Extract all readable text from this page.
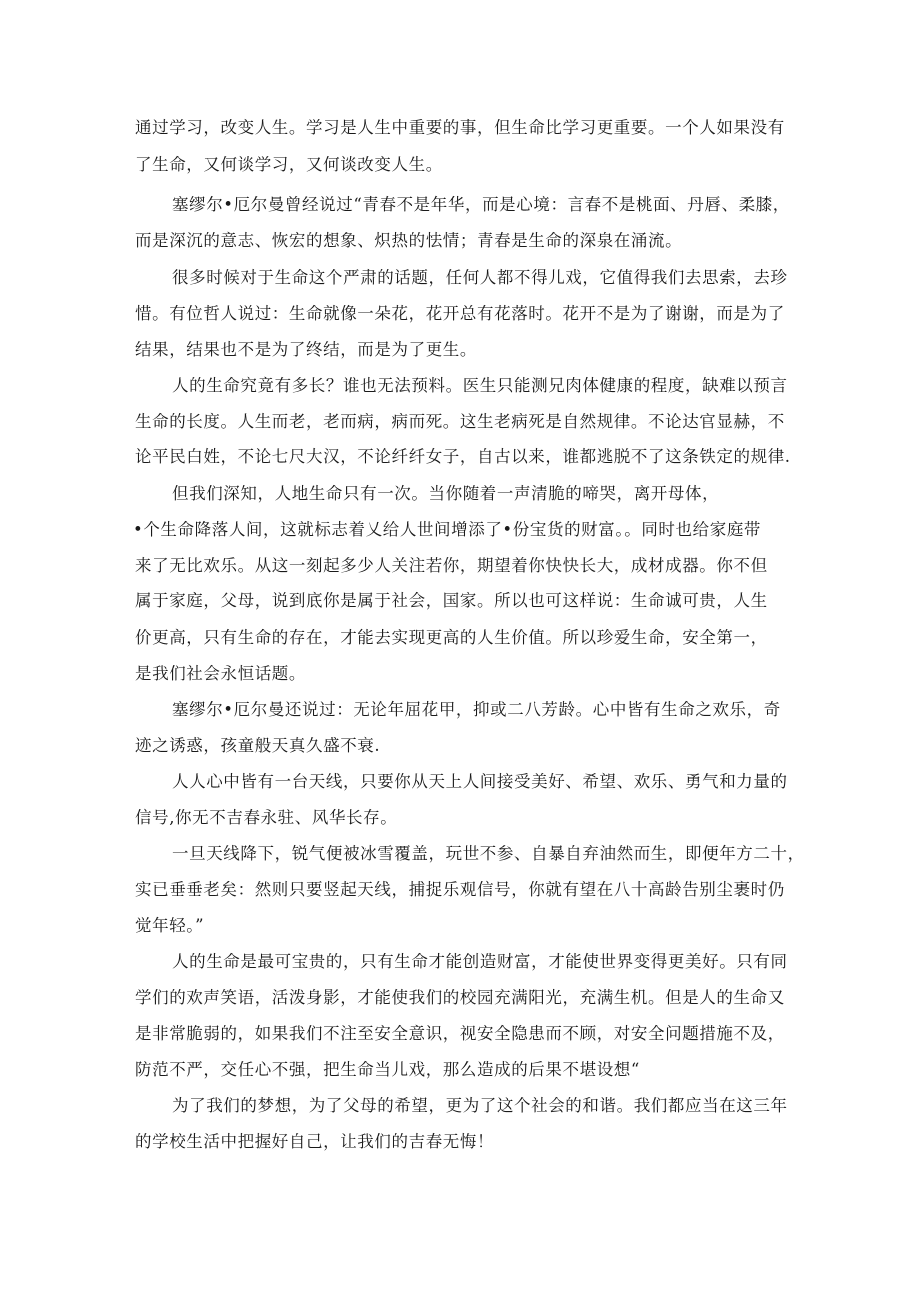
通过学习，改变人生。学习是人生中重要的事，但生命比学习更重要。一个人如果没有
了生命，又何谈学习，又何谈改变人生。
塞缪尔•厄尔曼曾经说过“青春不是年华，而是心境：言春不是桃面、丹唇、柔膝，
而是深沉的意志、恢宏的想象、炽热的怯情；青春是生命的深泉在涌流。
很多时候对于生命这个严肃的话题，任何人都不得儿戏，它值得我们去思索，去珍
惜。有位哲人说过：生命就像一朵花，花开总有花落时。花开不是为了谢谢，而是为了
结果，结果也不是为了终结，而是为了更生。
人的生命究竟有多长？谁也无法预料。医生只能测兄肉体健康的程度，缺难以预言
生命的长度。人生而老，老而病，病而死。这生老病死是自然规律。不论达官显赫，不
论平民白姓，不论七尺大汉，不论纤纤女子，自古以来，谁都逃脱不了这条铁定的规律.
但我们深知，人地生命只有一次。当你随着一声清脆的啼哭，离开母体，
•个生命降落人间，这就标志着乂给人世间增添了•份宝货的财富。。同时也给家庭带
来了无比欢乐。从这一刻起多少人关注若你，期望着你快快长大，成材成器。你不但
属于家庭，父母，说到底你是属于社会，国家。所以也可这样说：生命诚可贵，人生
价更高，只有生命的存在，才能去实现更高的人生价值。所以珍爱生命，安全第一，
是我们社会永恒话题。
塞缪尔•厄尔曼还说过：无论年屈花甲，抑或二八芳龄。心中皆有生命之欢乐，奇
迹之诱惑，孩童般天真久盛不衰.
人人心中皆有一台天线，只要你从天上人间接受美好、希望、欢乐、勇气和力量的
信号,你无不吉春永驻、风华长存。
一旦天线降下，锐气便被冰雪覆盖，玩世不参、自暴自弃油然而生，即便年方二十，
实已垂垂老矣：然则只要竖起天线，捕捉乐观信号，你就有望在八十高龄告别尘裹时仍
觉年轻。”
人的生命是最可宝贵的，只有生命才能创造财富，才能使世界变得更美好。只有同
学们的欢声笑语，活泼身影，才能使我们的校园充满阳光，充满生机。但是人的生命又
是非常脆弱的，如果我们不注至安全意识，视安全隐患而不顾，对安全问题措施不及，
防范不严，交任心不强，把生命当儿戏，那么造成的后果不堪设想“
为了我们的梦想，为了父母的希望，更为了这个社会的和谐。我们都应当在这三年
的学校生活中把握好自己，让我们的吉春无悔！
